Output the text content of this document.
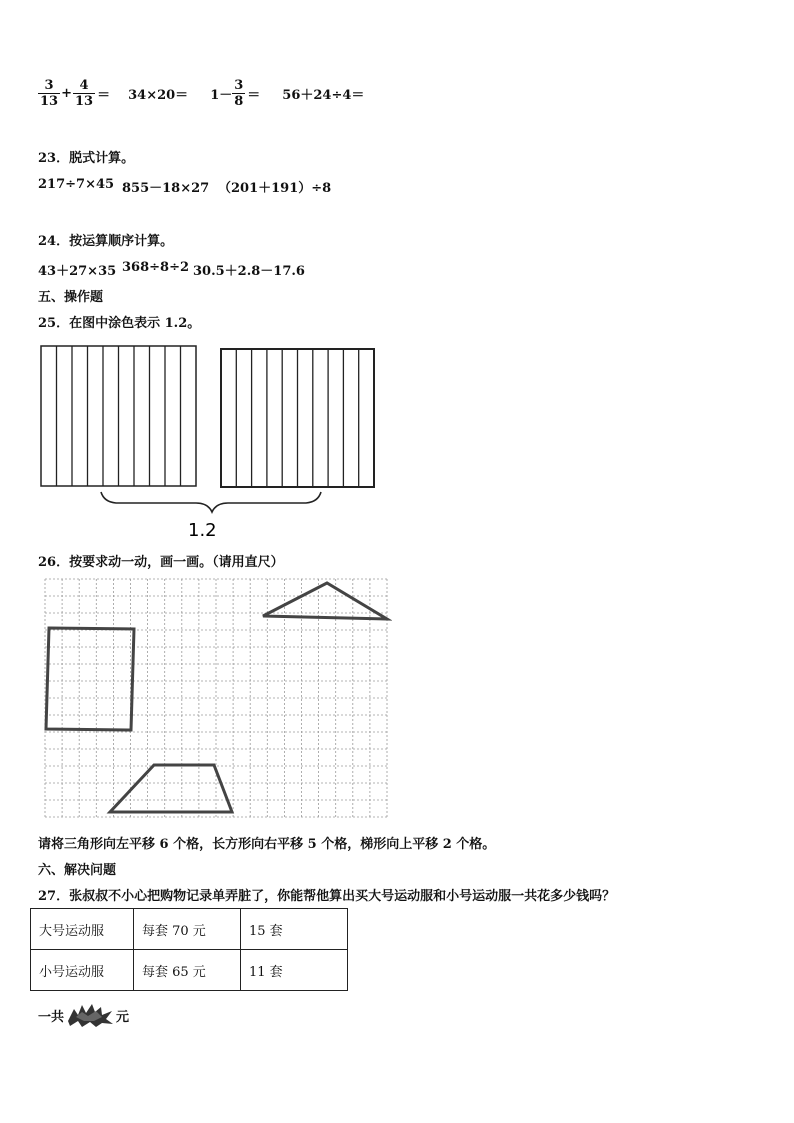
$\frac{3}{13} + \frac{4}{13} = 34\times 20= 1- \frac{3}{8} = 56+24\div 4=$
23．脱式计算。
217÷7×45 855－18×27 （201＋191）÷8
24．按运算顺序计算。
43＋27×35 368÷8÷2 30.5＋2.8－17.6
五、操作题
25．在图中涂色表示 1.2。
1.2
26．按要求动一动，画一画。（请用直尺）
请将三角形向左平移 6 个格，长方形向右平移 5 个格，梯形向上平移 2 个格。
六、解决问题
27．张叔叔不小心把购物记录单弄脏了，你能帮他算出买大号运动服和小号运动服一共花多少钱吗？
大号运动服	每套 70 元	15 套
小号运动服	每套 65 元	11 套
一共	元
